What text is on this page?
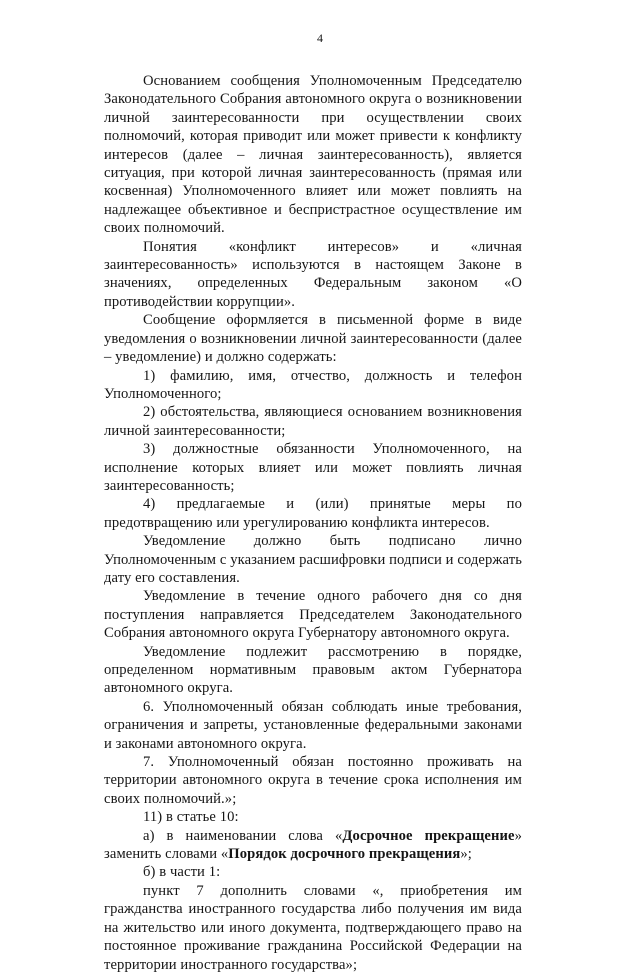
4

Основанием сообщения Уполномоченным Председателю Законодательного Собрания автономного округа о возникновении личной заинтересованности при осуществлении своих полномочий, которая приводит или может привести к конфликту интересов (далее – личная заинтересованность), является ситуация, при которой личная заинтересованность (прямая или косвенная) Уполномоченного влияет или может повлиять на надлежащее объективное и беспристрастное осуществление им своих полномочий.

Понятия «конфликт интересов» и «личная заинтересованность» используются в настоящем Законе в значениях, определенных Федеральным законом «О противодействии коррупции».

Сообщение оформляется в письменной форме в виде уведомления о возникновении личной заинтересованности (далее – уведомление) и должно содержать:

1) фамилию, имя, отчество, должность и телефон Уполномоченного;

2) обстоятельства, являющиеся основанием возникновения личной заинтересованности;

3) должностные обязанности Уполномоченного, на исполнение которых влияет или может повлиять личная заинтересованность;

4) предлагаемые и (или) принятые меры по предотвращению или урегулированию конфликта интересов.

Уведомление должно быть подписано лично Уполномоченным с указанием расшифровки подписи и содержать дату его составления.

Уведомление в течение одного рабочего дня со дня поступления направляется Председателем Законодательного Собрания автономного округа Губернатору автономного округа.

Уведомление подлежит рассмотрению в порядке, определенном нормативным правовым актом Губернатора автономного округа.

6. Уполномоченный обязан соблюдать иные требования, ограничения и запреты, установленные федеральными законами и законами автономного округа.

7. Уполномоченный обязан постоянно проживать на территории автономного округа в течение срока исполнения им своих полномочий.»;

11) в статье 10:

а) в наименовании слова «Досрочное прекращение» заменить словами «Порядок досрочного прекращения»;

б) в части 1:

пункт 7 дополнить словами «, приобретения им гражданства иностранного государства либо получения им вида на жительство или иного документа, подтверждающего право на постоянное проживание гражданина Российской Федерации на территории иностранного государства»;
